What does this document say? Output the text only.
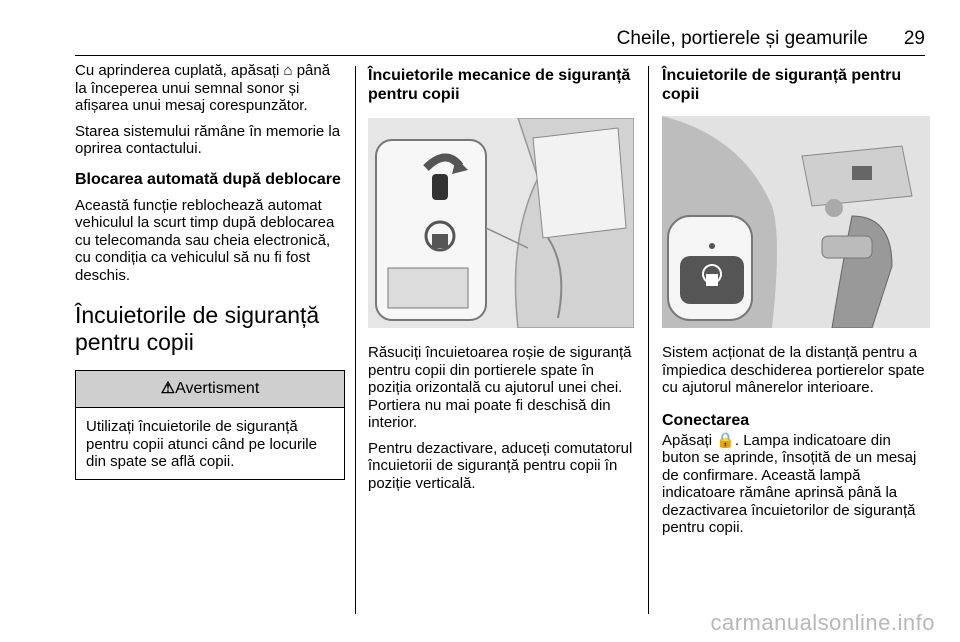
Cheile, portierele și geamurile 29

Cu aprinderea cuplată, apăsați ⌂ până la începerea unui semnal sonor și afișarea unui mesaj corespunzător.

Starea sistemului rămâne în memorie la oprirea contactului.

Blocarea automată după deblocare

Această funcție reblochează automat vehiculul la scurt timp după deblocarea cu telecomanda sau cheia electronică, cu condiția ca vehiculul să nu fi fost deschis.

Încuietorile de siguranță pentru copii
⚠Avertisment

Utilizați încuietorile de siguranță pentru copii atunci când pe locurile din spate se află copii.

Încuietorile mecanice de siguranță pentru copii

Răsuciți încuietoarea roșie de siguranță pentru copii din portierele spate în poziția orizontală cu ajutorul unei chei. Portiera nu mai poate fi deschisă din interior.

Pentru dezactivare, aduceți comutatorul încuietorii de siguranță pentru copii în poziție verticală.

Încuietorile de siguranță pentru copii

Sistem acționat de la distanță pentru a împiedica deschiderea portierelor spate cu ajutorul mânerelor interioare.

Conectarea

Apăsați 🔒. Lampa indicatoare din buton se aprinde, însoțită de un mesaj de confirmare. Această lampă indicatoare rămâne aprinsă până la dezactivarea încuietorilor de siguranță pentru copii.

carmanualsonline.info
